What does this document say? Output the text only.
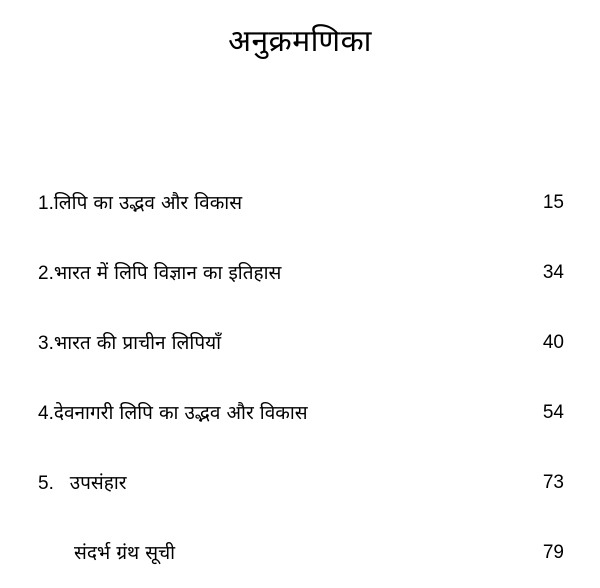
अनुक्रमणिका
1.लिपि का उद्भव और विकास	15
2.भारत में लिपि विज्ञान का इतिहास	34
3.भारत की प्राचीन लिपियाँ	40
4.देवनागरी लिपि का उद्भव और विकास	54
5.   उपसंहार	73
संदर्भ ग्रंथ सूची	79
